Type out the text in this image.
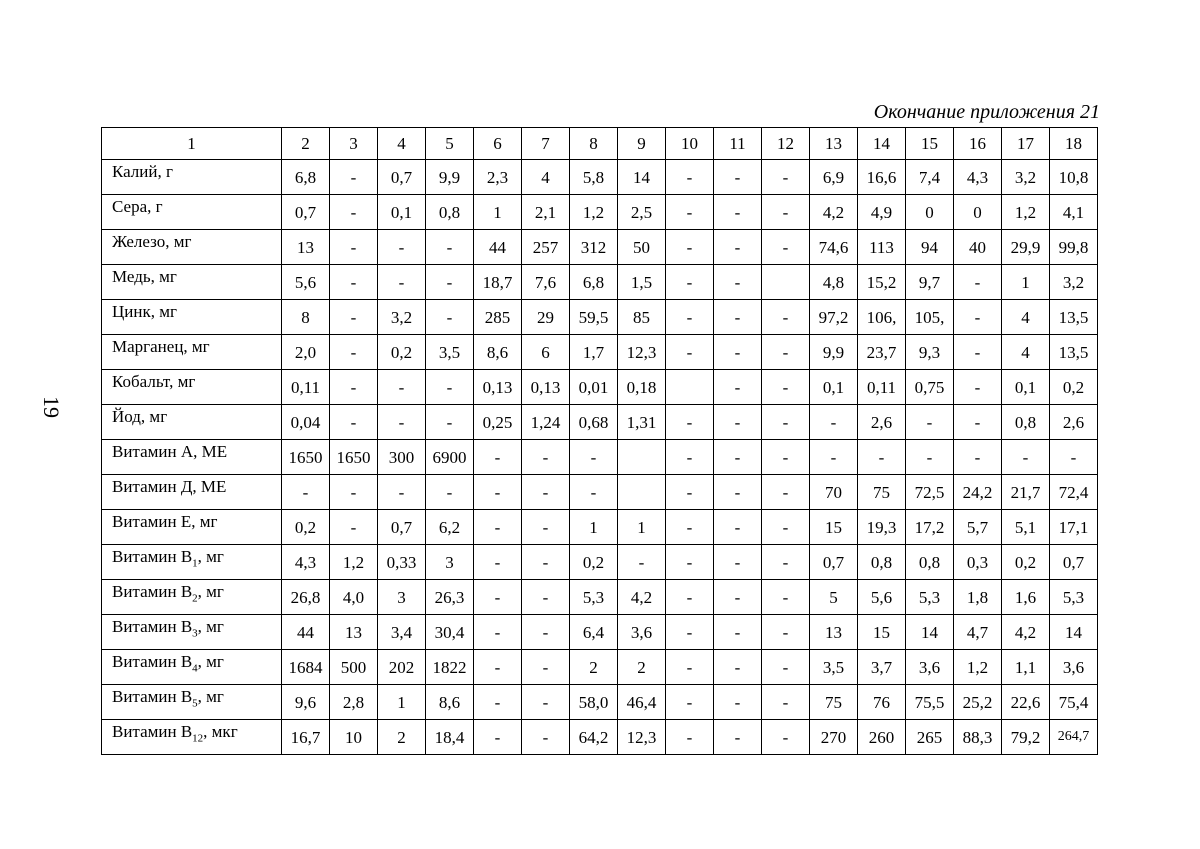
19
Окончание приложения 21
1	2	3	4	5	6	7	8	9	10	11	12	13	14	15	16	17	18
Калий, г	6,8	-	0,7	9,9	2,3	4	5,8	14	-	-	-	6,9	16,6	7,4	4,3	3,2	10,8
Сера, г	0,7	-	0,1	0,8	1	2,1	1,2	2,5	-	-	-	4,2	4,9	0	0	1,2	4,1
Железо, мг	13	-	-	-	44	257	312	50	-	-	-	74,6	113	94	40	29,9	99,8
Медь, мг	5,6	-	-	-	18,7	7,6	6,8	1,5	-	-		4,8	15,2	9,7	-	1	3,2
Цинк, мг	8	-	3,2	-	285	29	59,5	85	-	-	-	97,2	106,	105,	-	4	13,5
Марганец, мг	2,0	-	0,2	3,5	8,6	6	1,7	12,3	-	-	-	9,9	23,7	9,3	-	4	13,5
Кобальт, мг	0,11	-	-	-	0,13	0,13	0,01	0,18		-	-	0,1	0,11	0,75	-	0,1	0,2
Йод, мг	0,04	-	-	-	0,25	1,24	0,68	1,31	-	-	-	-	2,6	-	-	0,8	2,6
Витамин А, МЕ	1650	1650	300	6900	-	-	-		-	-	-	-	-	-	-	-	-
Витамин Д, МЕ	-	-	-	-	-	-	-		-	-	-	70	75	72,5	24,2	21,7	72,4
Витамин Е, мг	0,2	-	0,7	6,2	-	-	1	1	-	-	-	15	19,3	17,2	5,7	5,1	17,1
Витамин $В_1$, мг	4,3	1,2	0,33	3	-	-	0,2	-	-	-	-	0,7	0,8	0,8	0,3	0,2	0,7
Витамин $В_2$, мг	26,8	4,0	3	26,3	-	-	5,3	4,2	-	-	-	5	5,6	5,3	1,8	1,6	5,3
Витамин $В_3$, мг	44	13	3,4	30,4	-	-	6,4	3,6	-	-	-	13	15	14	4,7	4,2	14
Витамин $В_4$, мг	1684	500	202	1822	-	-	2	2	-	-	-	3,5	3,7	3,6	1,2	1,1	3,6
Витамин $В_5$, мг	9,6	2,8	1	8,6	-	-	58,0	46,4	-	-	-	75	76	75,5	25,2	22,6	75,4
Витамин $В_{12}$, мкг	16,7	10	2	18,4	-	-	64,2	12,3	-	-	-	270	260	265	88,3	79,2	264,7
